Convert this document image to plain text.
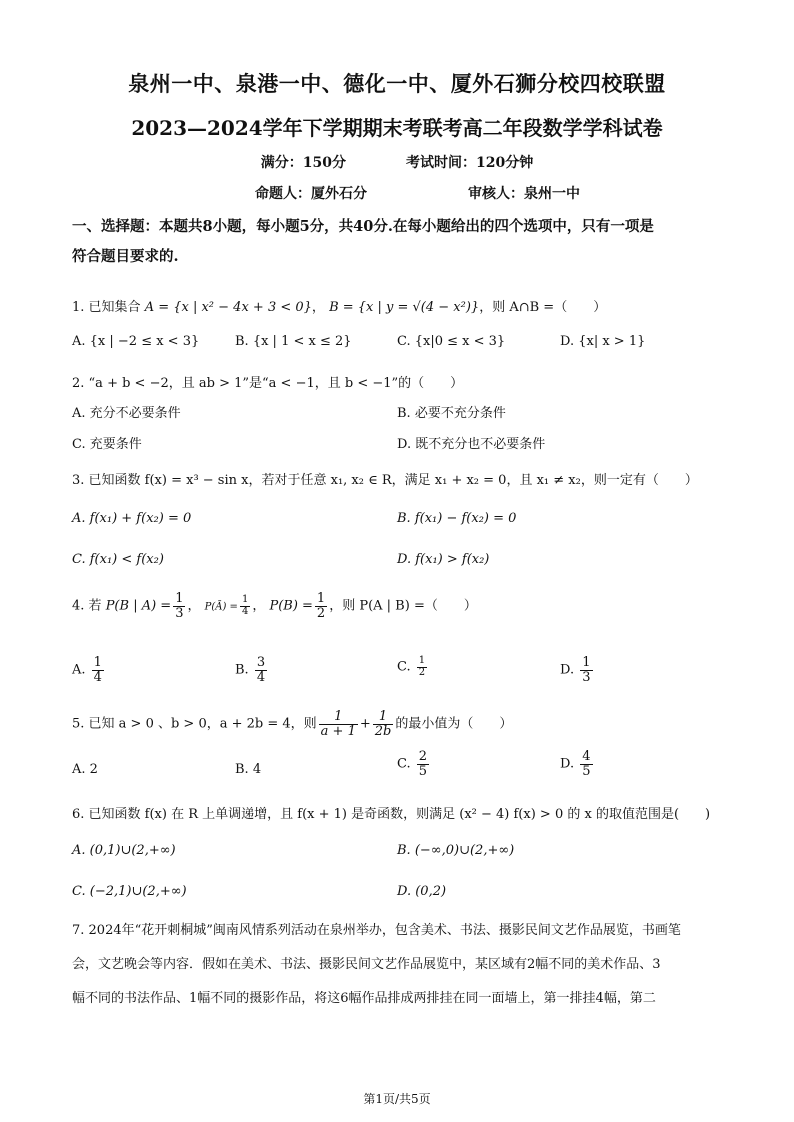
泉州一中、泉港一中、德化一中、厦外石狮分校四校联盟
2023—2024学年下学期期末考联考高二年段数学学科试卷
满分：150分	考试时间：120分钟
命题人：厦外石分	审核人：泉州一中
一、选择题：本题共8小题，每小题5分，共40分.在每小题给出的四个选项中，只有一项是
符合题目要求的.
1. 已知集合 A = {x | x² − 4x + 3 < 0}， B = {x | y = √(4 − x²)}，则 A∩B =（　　）
A. {x | −2 ≤ x < 3}	B. {x | 1 < x ≤ 2}	C. {x|0 ≤ x < 3}	D. {x| x > 1}
2. “a + b < −2，且 ab > 1”是“a < −1，且 b < −1”的（　　）
A. 充分不必要条件	B. 必要不充分条件
C. 充要条件	D. 既不充分也不必要条件
3. 已知函数 f(x) = x³ − sin x，若对于任意 x₁, x₂ ∈ R，满足 x₁ + x₂ = 0，且 x₁ ≠ x₂，则一定有（　　）
A. f(x₁) + f(x₂) = 0	B. f(x₁) − f(x₂) = 0
C. f(x₁) < f(x₂)	D. f(x₁) > f(x₂)
4. 若 P(B | $A) = \frac{1}{3}$ ， P(Ā) = $\frac{1}{4}$ ， $P(B) = \frac{1}{2}$ ，则 P(A | B) =（　　）
A. $\frac{1}{4}$	B. $\frac{3}{4}$	C. $\frac{1}{2}$	D. $\frac{1}{3}$
5. 已知 a > 0 、b > 0，a + 2b = 4，则 $\frac{1}{a + 1} + \frac{1}{2b}$ 的最小值为（　　）
A. 2	B. 4	C. $\frac{2}{5}$	D. $\frac{4}{5}$
6. 已知函数 f(x) 在 R 上单调递增，且 f(x + 1) 是奇函数，则满足 (x² − 4) f(x) > 0 的 x 的取值范围是(　　)
A. (0,1)∪(2,+∞)	B. (−∞,0)∪(2,+∞)
C. (−2,1)∪(2,+∞)	D. (0,2)
7. 2024年“花开刺桐城”闽南风情系列活动在泉州举办，包含美术、书法、摄影民间文艺作品展览，书画笔
会，文艺晚会等内容．假如在美术、书法、摄影民间文艺作品展览中，某区域有2幅不同的美术作品、3
幅不同的书法作品、1幅不同的摄影作品，将这6幅作品排成两排挂在同一面墙上，第一排挂4幅，第二
第1页/共5页
